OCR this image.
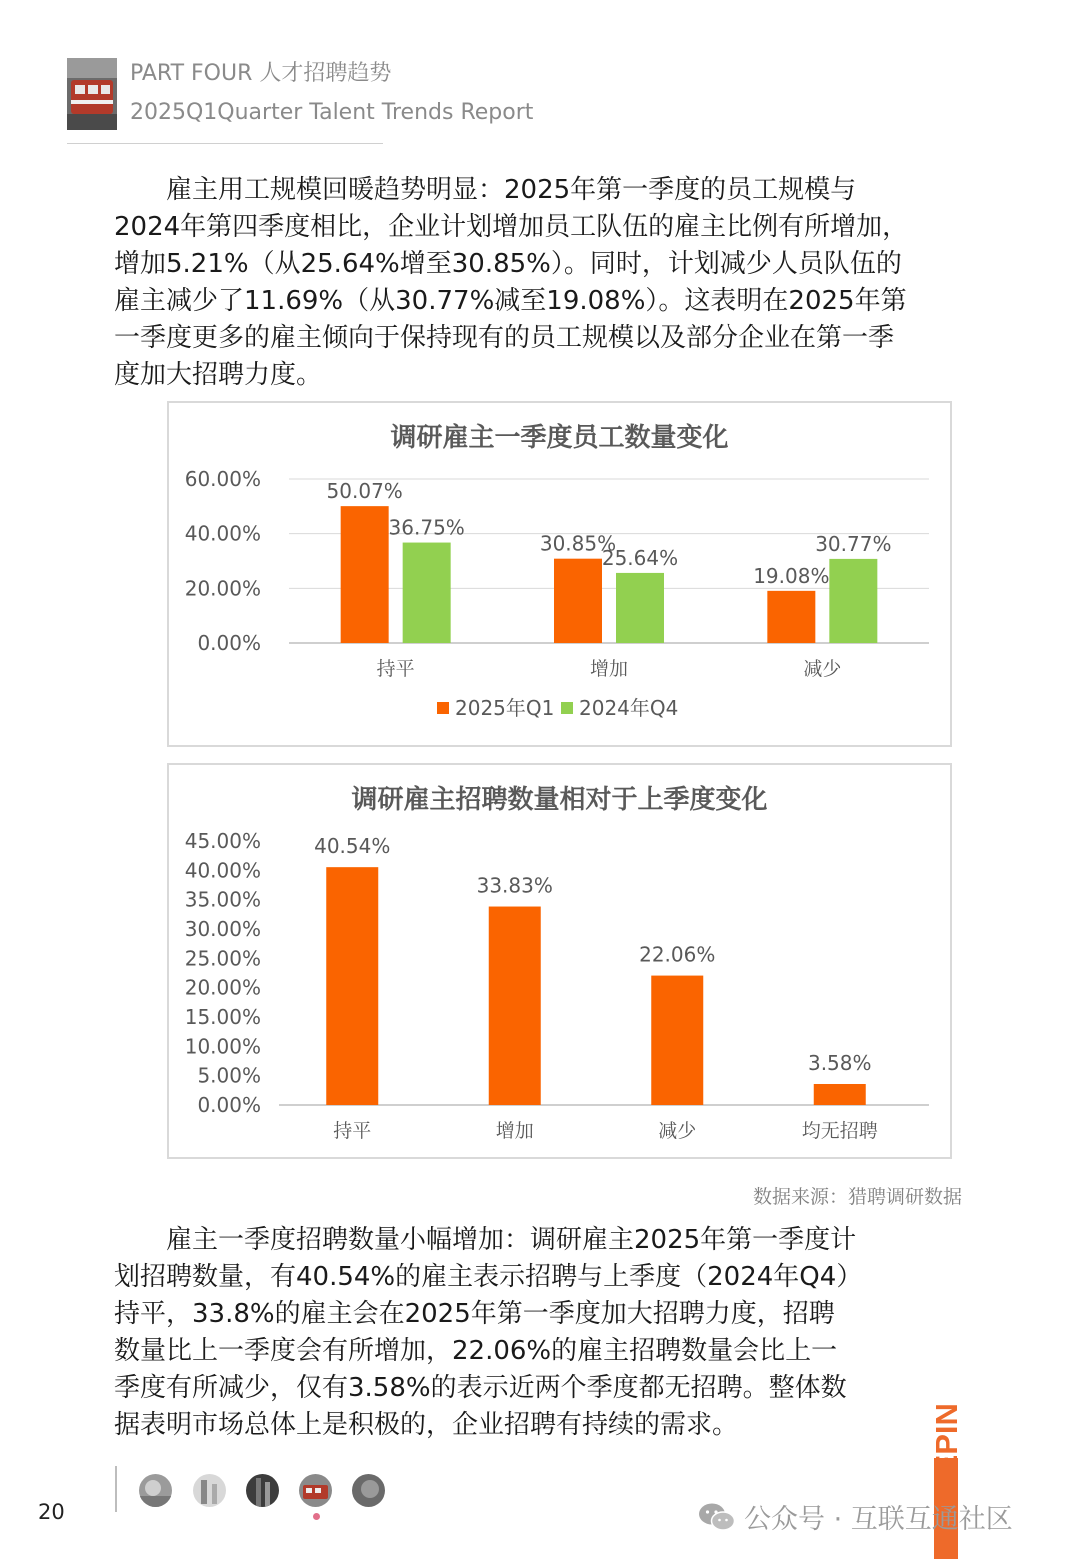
PART FOUR 人才招聘趋势
2025Q1Quarter Talent Trends Report
　　雇主用工规模回暖趋势明显：2025年第一季度的员工规模与
2024年第四季度相比，企业计划增加员工队伍的雇主比例有所增加，
增加5.21%（从25.64%增至30.85%）。同时，计划减少人员队伍的
雇主减少了11.69%（从30.77%减至19.08%）。这表明在2025年第
一季度更多的雇主倾向于保持现有的员工规模以及部分企业在第一季
度加大招聘力度。
调研雇主一季度员工数量变化
0.00%
20.00%
40.00%
60.00%
50.07%
36.75%
持平
30.85%
25.64%
增加
19.08%
30.77%
减少
2025年Q1 2024年Q4
调研雇主招聘数量相对于上季度变化
0.00%
5.00%
10.00%
15.00%
20.00%
25.00%
30.00%
35.00%
40.00%
45.00%	40.54%
持平
33.83%
增加
22.06%
减少
3.58%
均无招聘
数据来源：猎聘调研数据
　　雇主一季度招聘数量小幅增加：调研雇主2025年第一季度计
划招聘数量，有40.54%的雇主表示招聘与上季度（2024年Q4）
持平，33.8%的雇主会在2025年第一季度加大招聘力度，招聘
数量比上一季度会有所增加，22.06%的雇主招聘数量会比上一
季度有所减少，仅有3.58%的表示近两个季度都无招聘。整体数
据表明市场总体上是积极的，企业招聘有持续的需求。
20
LIEPIN
公众号 · 互联互通社区
